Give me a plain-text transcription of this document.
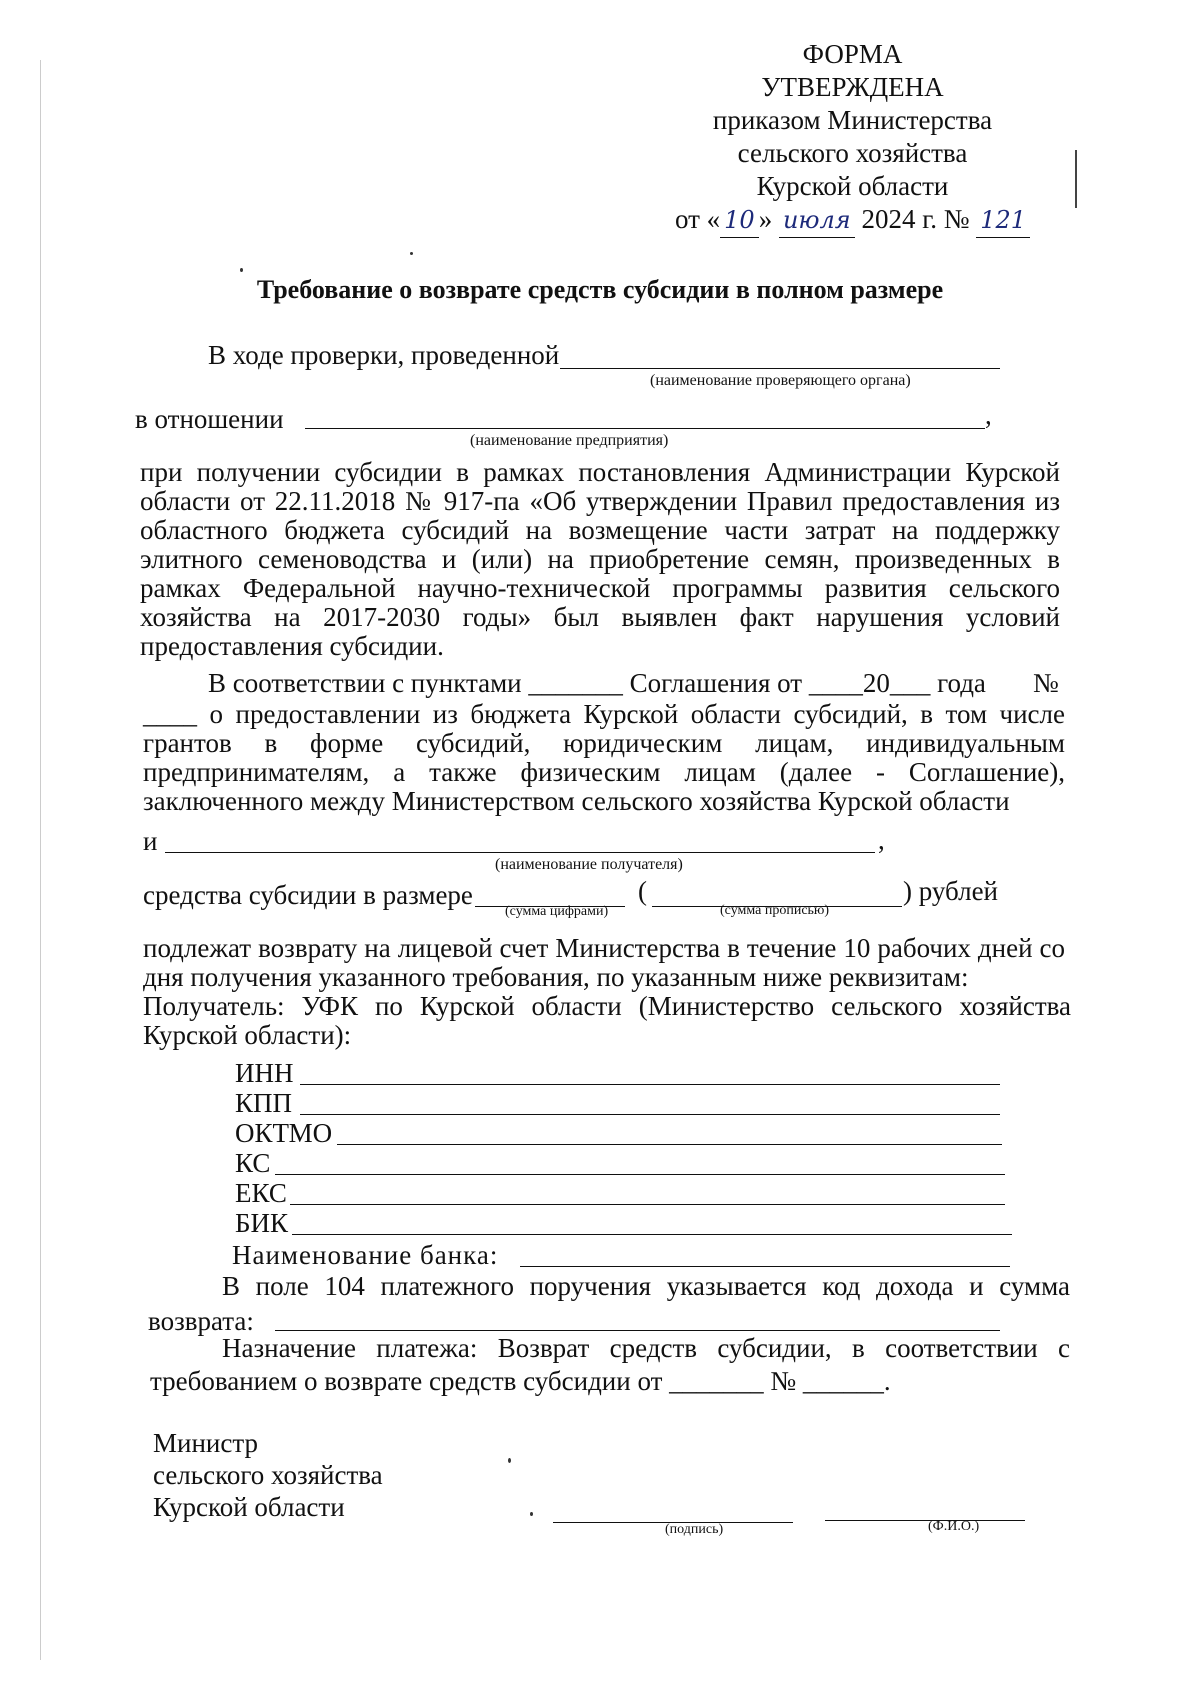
ФОРМА
УТВЕРЖДЕНА
приказом Министерства
сельского хозяйства
Курской области
от « 10 » июля 2024 г. № 121
Требование о возврате средств субсидии в полном размере
В ходе проверки, проведенной
(наименование проверяющего органа)
в отношении	,
(наименование предприятия)
при получении субсидии в рамках постановления Администрации Курской области от 22.11.2018 № 917-па «Об утверждении Правил предоставления из областного бюджета субсидий на возмещение части затрат на поддержку элитного семеноводства и (или) на приобретение семян, произведенных в рамках Федеральной научно-технической программы развития сельского хозяйства на 2017-2030 годы» был выявлен факт нарушения условий предоставления субсидии.
В соответствии с пунктами _______ Соглашения от ____20___ года №
____ о предоставлении из бюджета Курской области субсидий, в том числе грантов в форме субсидий, юридическим лицам, индивидуальным предпринимателям, а также физическим лицам (далее - Соглашение), заключенного между Министерством сельского хозяйства Курской области
и	,
(наименование получателя)
средства субсидии в размере	(	) рублей
(сумма цифрами)	(сумма прописью)
подлежат возврату на лицевой счет Министерства в течение 10 рабочих дней со дня получения указанного требования, по указанным ниже реквизитам:
Получатель: УФК по Курской области (Министерство сельского хозяйства Курской области):
ИНН
КПП
ОКТМО
КС
ЕКС
БИК
Наименование банка:
В поле 104 платежного поручения указывается код дохода и сумма
возврата:
Назначение платежа: Возврат средств субсидии, в соответствии с
требованием о возврате средств субсидии от _______ № ______.
Министр
сельского хозяйства
Курской области
(подпись)	(Ф.И.О.)
